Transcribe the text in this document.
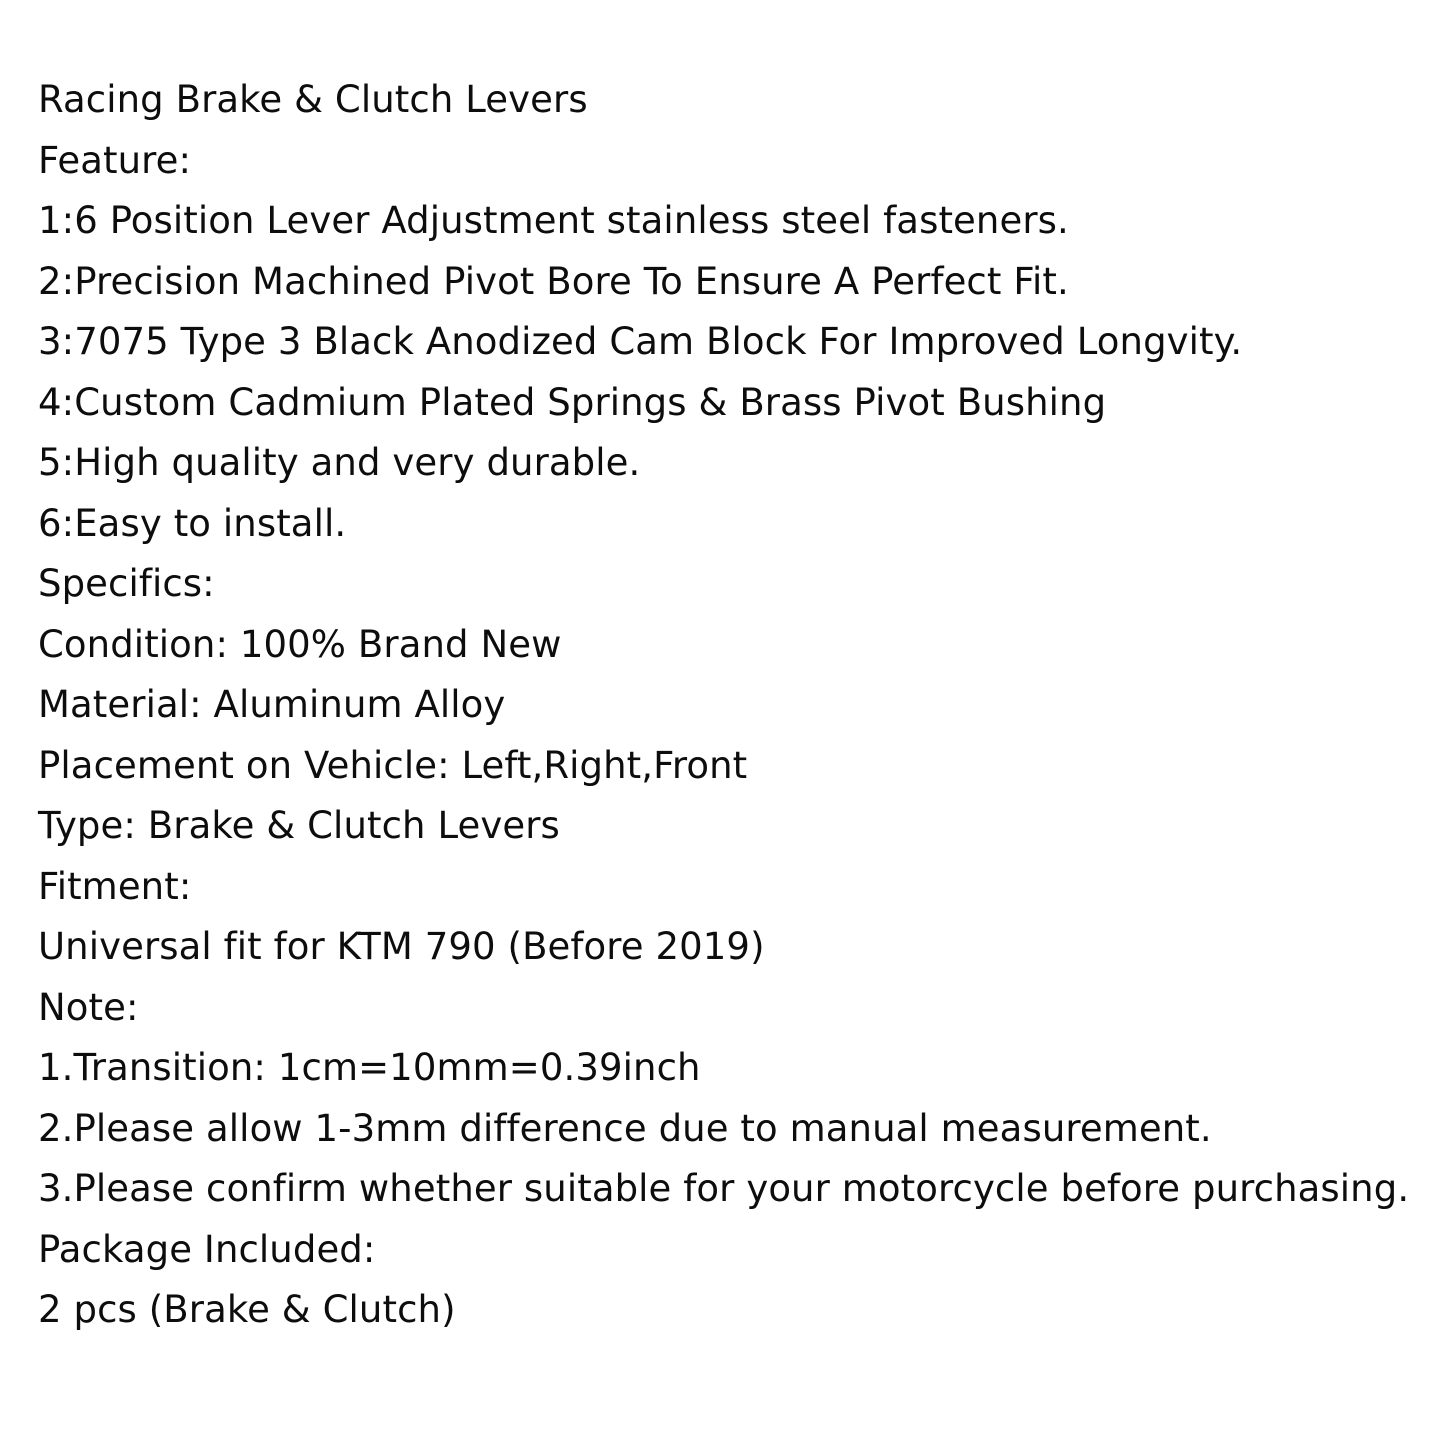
Racing Brake & Clutch Levers
Feature:
1:6 Position Lever Adjustment stainless steel fasteners.
2:Precision Machined Pivot Bore To Ensure A Perfect Fit.
3:7075 Type 3 Black Anodized Cam Block For Improved Longvity.
4:Custom Cadmium Plated Springs & Brass Pivot Bushing
5:High quality and very durable.
6:Easy to install.
Specifics:
Condition: 100% Brand New
Material: Aluminum Alloy
Placement on Vehicle: Left,Right,Front
Type: Brake & Clutch Levers
Fitment:
Universal fit for KTM 790 (Before 2019)
Note:
1.Transition: 1cm=10mm=0.39inch
2.Please allow 1-3mm difference due to manual measurement.
3.Please confirm whether suitable for your motorcycle before purchasing.
Package Included:
2 pcs (Brake & Clutch)
